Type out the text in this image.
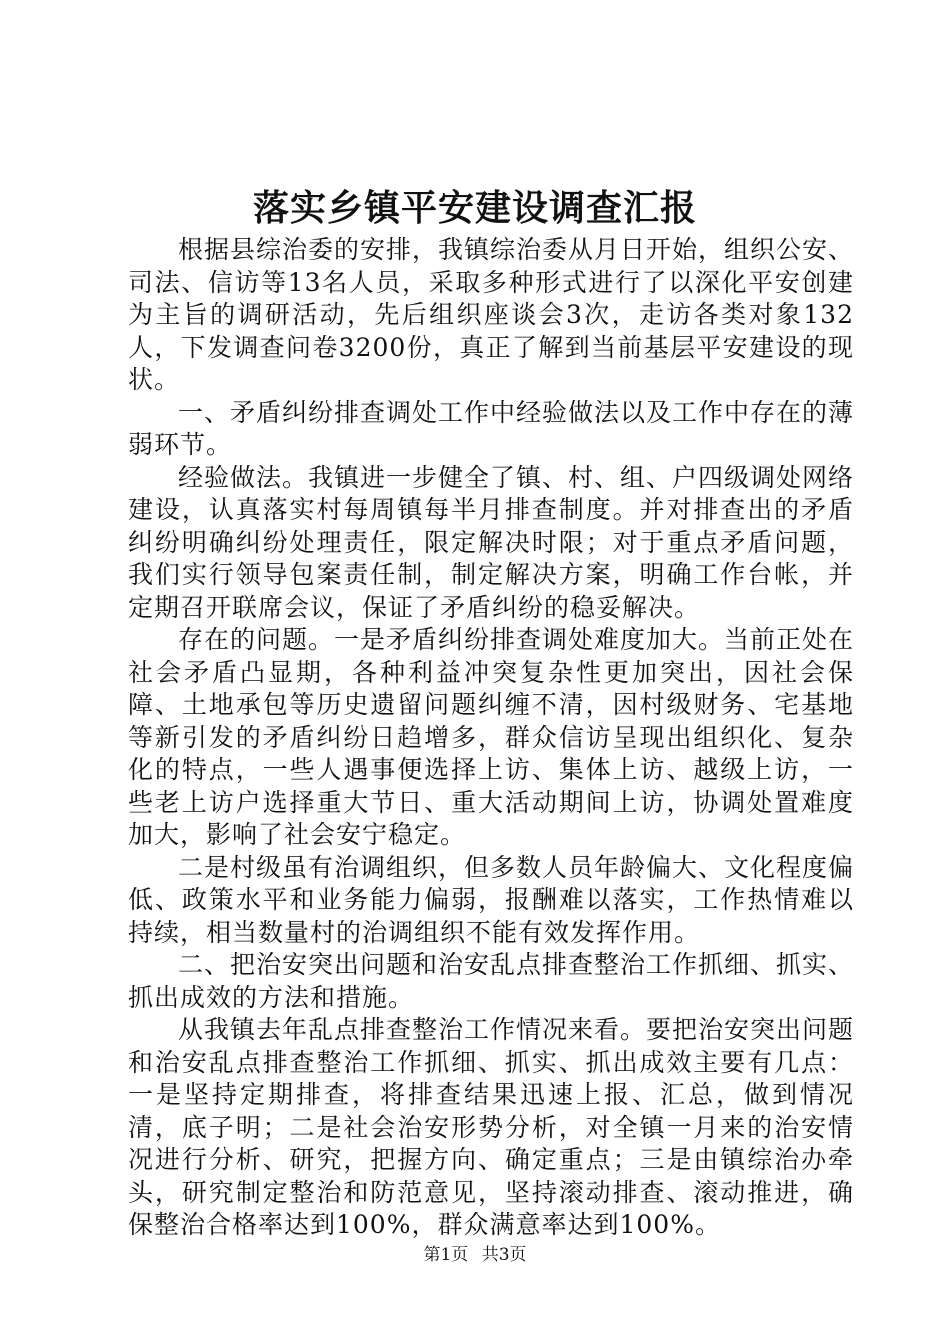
落实乡镇平安建设调查汇报

根据县综治委的安排，我镇综治委从月日开始，组织公安、司法、信访等13名人员，采取多种形式进行了以深化平安创建为主旨的调研活动，先后组织座谈会3次，走访各类对象132人，下发调查问卷3200份，真正了解到当前基层平安建设的现状。

一、矛盾纠纷排查调处工作中经验做法以及工作中存在的薄弱环节。

经验做法。我镇进一步健全了镇、村、组、户四级调处网络建设，认真落实村每周镇每半月排查制度。并对排查出的矛盾纠纷明确纠纷处理责任，限定解决时限；对于重点矛盾问题，我们实行领导包案责任制，制定解决方案，明确工作台帐，并定期召开联席会议，保证了矛盾纠纷的稳妥解决。

存在的问题。一是矛盾纠纷排查调处难度加大。当前正处在社会矛盾凸显期，各种利益冲突复杂性更加突出，因社会保障、土地承包等历史遗留问题纠缠不清，因村级财务、宅基地等新引发的矛盾纠纷日趋增多，群众信访呈现出组织化、复杂化的特点，一些人遇事便选择上访、集体上访、越级上访，一些老上访户选择重大节日、重大活动期间上访，协调处置难度加大，影响了社会安宁稳定。

二是村级虽有治调组织，但多数人员年龄偏大、文化程度偏低、政策水平和业务能力偏弱，报酬难以落实，工作热情难以持续，相当数量村的治调组织不能有效发挥作用。

二、把治安突出问题和治安乱点排查整治工作抓细、抓实、抓出成效的方法和措施。

从我镇去年乱点排查整治工作情况来看。要把治安突出问题和治安乱点排查整治工作抓细、抓实、抓出成效主要有几点：一是坚持定期排查，将排查结果迅速上报、汇总，做到情况清，底子明；二是社会治安形势分析，对全镇一月来的治安情况进行分析、研究，把握方向、确定重点；三是由镇综治办牵头，研究制定整治和防范意见，坚持滚动排查、滚动推进，确保整治合格率达到100%，群众满意率达到100%。

第1页 共3页
